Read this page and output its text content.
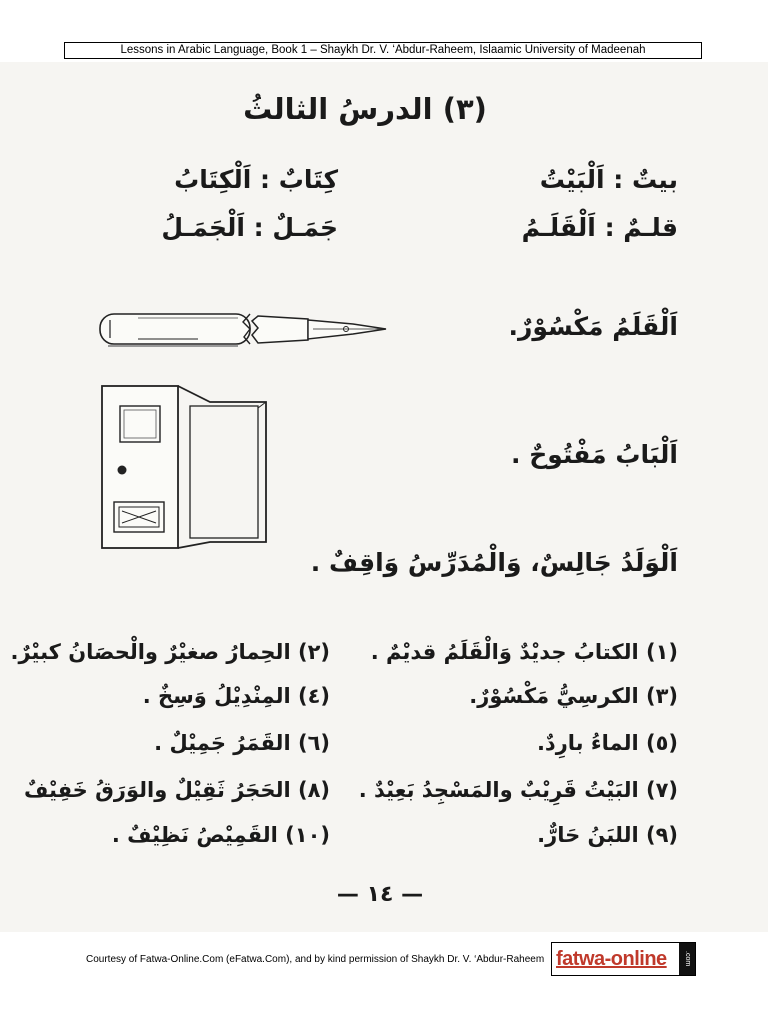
Lessons in Arabic Language, Book 1 – Shaykh Dr. V. ‘Abdur-Raheem, Islaamic University of Madeenah
(٣) الدرسُ الثالثُ
بيتٌ : اَلْبَيْتُ
كِتَابٌ : اَلْكِتَابُ
قلـمٌ : اَلْقَلَـمُ
جَمَـلٌ : اَلْجَمَـلُ
اَلْقَلَمُ مَكْسُوْرٌ.
اَلْبَابُ مَفْتُوحٌ .
اَلْوَلَدُ جَالِسٌ، وَالْمُدَرِّسُ وَاقِفٌ .
(١) الكتابُ جديْدٌ وَالْقَلَمُ قديْمٌ .
(٣) الكرسِيُّ مَكْسُوْرٌ.
(٥) الماءُ بارِدٌ.
(٧) البَيْتُ قَرِيْبٌ والمَسْجِدُ بَعِيْدٌ .
(٩) اللبَنُ حَارٌّ.
(٢) الحِمارُ صغيْرٌ والْحصَانُ كبيْرٌ.
(٤) المِنْدِيْلُ وَسِخٌ .
(٦) القَمَرُ جَمِيْلٌ .
(٨) الحَجَرُ ثَقِيْلٌ والوَرَقُ خَفِيْفٌ
(١٠) القَمِيْصُ نَظِيْفٌ .
— ١٤ —
Courtesy of Fatwa-Online.Com (eFatwa.Com), and by kind permission of Shaykh Dr. V. ‘Abdur-Raheem fatwa-online	.com
